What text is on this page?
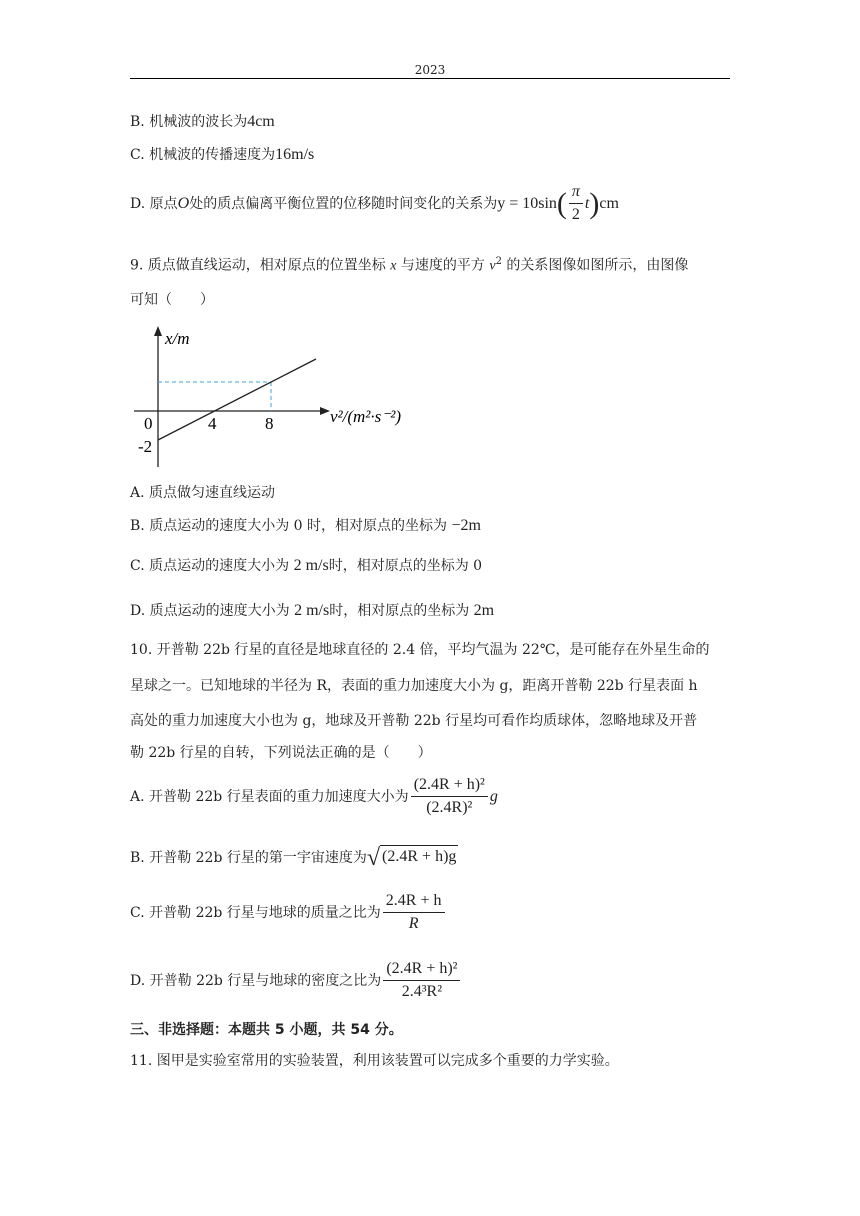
2023
B. 机械波的波长为4cm
C. 机械波的传播速度为16m/s
D. 原点 O 处的质点偏离平衡位置的位移随时间变化的关系为 y = 10sin ( $\frac{\pi}{2}$ t ) cm
9. 质点做直线运动，相对原点的位置坐标 x 与速度的平方 $v^2$ 的关系图像如图所示，由图像
可知（　　）
x/m
v²/(m²·s⁻²)
0	4	8
-2
A. 质点做匀速直线运动
B. 质点运动的速度大小为 0 时，相对原点的坐标为 −2m
C. 质点运动的速度大小为 2 m/s时，相对原点的坐标为 0
D. 质点运动的速度大小为 2 m/s时，相对原点的坐标为 2m
10. 开普勒 22b 行星的直径是地球直径的 2.4 倍，平均气温为 22℃，是可能存在外星生命的
星球之一。已知地球的半径为 R，表面的重力加速度大小为 g，距离开普勒 22b 行星表面 h
高处的重力加速度大小也为 g，地球及开普勒 22b 行星均可看作均质球体，忽略地球及开普
勒 22b 行星的自转，下列说法正确的是（　　）
A. 开普勒 22b 行星表面的重力加速度大小为 $\frac{\text{(2.4R + h)²}}{\text{(2.4R)²}}$ g
B. 开普勒 22b 行星的第一宇宙速度为 √ (2.4R + h)g
C. 开普勒 22b 行星与地球的质量之比为 $\frac{2.4R + h}{R}$
D. 开普勒 22b 行星与地球的密度之比为 $\frac{\text{(2.4R + h)²}}{\text{2.4³R²}}$
三、非选择题：本题共 5 小题，共 54 分。
11. 图甲是实验室常用的实验装置，利用该装置可以完成多个重要的力学实验。
